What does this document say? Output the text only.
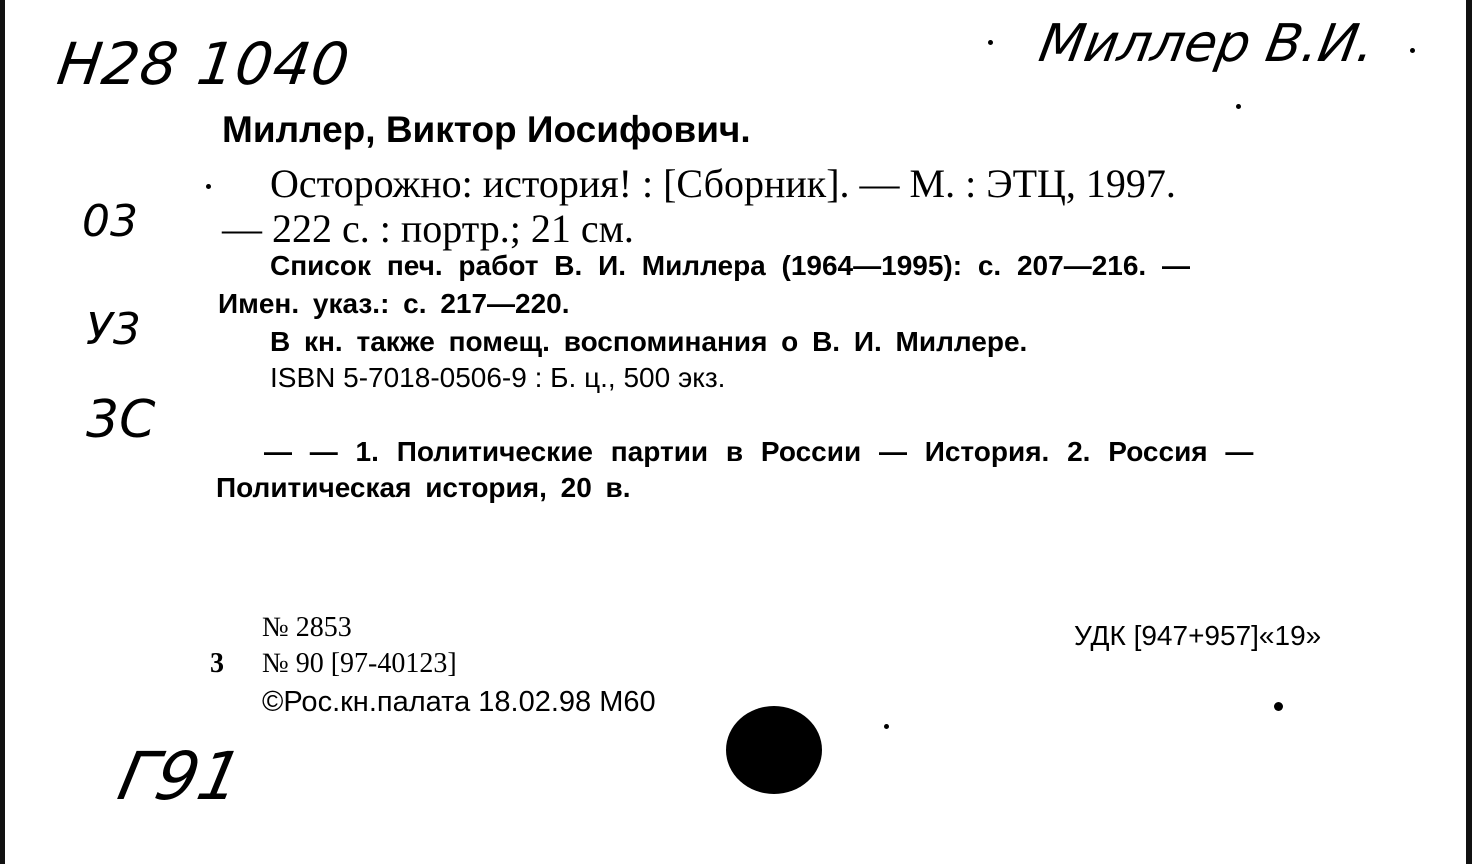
Н28 1040	Миллер В.И.
03
У3
3С
Г91
Миллер, Виктор Иосифович.
Осторожно: история! : [Сборник]. — М. : ЭТЦ, 1997.
— 222 с. : портр.; 21 см.
Список печ. работ В. И. Миллера (1964—1995): с. 207—216. —
Имен. указ.: с. 217—220.
В кн. также помещ. воспоминания о В. И. Миллере.
ISBN 5-7018-0506-9 : Б. ц., 500 экз.
— — 1. Политические партии в России — История. 2. Россия —
Политическая история, 20 в.
№ 2853
3 № 90 [97-40123]
©Рос.кн.палата 18.02.98 М60
УДК [947+957]«19»
